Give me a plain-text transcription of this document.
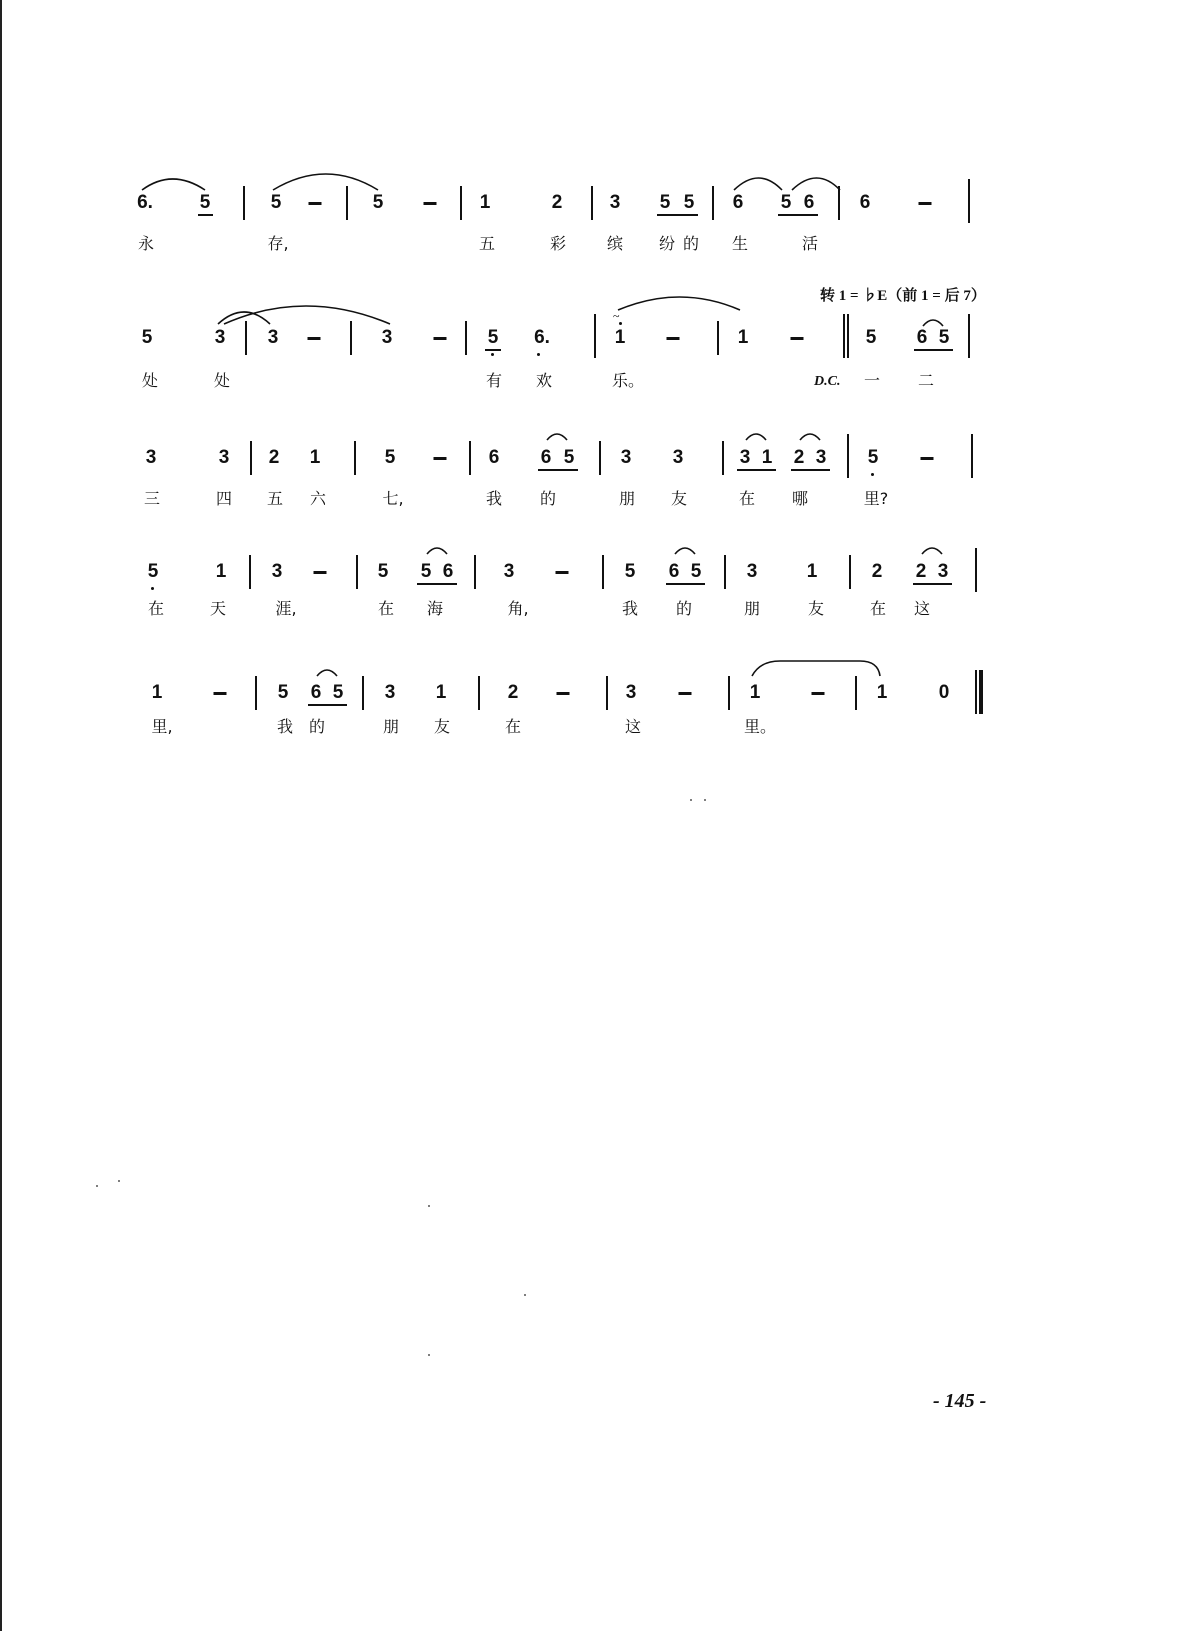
6. 5	5	5	1	2 3 5 5 6 5 6 6
永	存,	五	彩	缤 纷 的 生	活
转 1 = ♭E（前 1 = 后 7）
5	3 3	3	5 6.	1
~
1	5 6 5
处	处	有 欢	乐。	D.C. 一 二
3	3 2 1	5	6 6 5 3 3	3 1 2 3 5
三	四 五 六	七,	我 的	朋 友	在 哪	里?
5	1 3	5 5 6	3	5 6 5 3	1	2 2 3
在	天	涯,	在 海	角,	我 的	朋	友	在 这
1	5 6 5 3 1	2	3	1	1	0
里,	我 的	朋 友	在	这	里。
- 145 -
